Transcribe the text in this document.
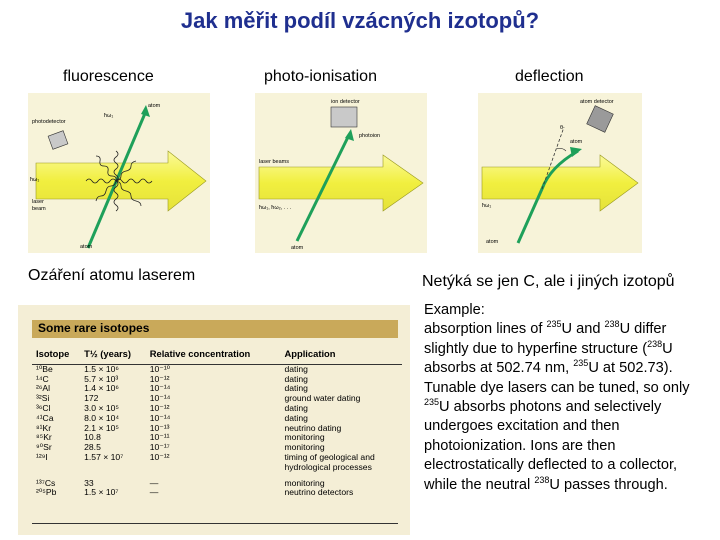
Jak měřit podíl vzácných izotopů?
fluorescence	photo-ionisation	deflection
photodetector
atom
ħω₁
ħω₁
laser
beam
atom
ion detector
photoion
laser beams
ħω₁, ħω₂, . . .
atom
atom detector
θ
atom
ħω₁
atom
Ozáření atomu laserem	Netýká se jen C, ale i jiných izotopů
Some rare isotopes
Isotope	T½ (years)	Relative concentration	Application
¹⁰Be	1.5 × 10⁶	10⁻¹⁰	dating
¹⁴C	5.7 × 10³	10⁻¹²	dating
²⁶Al	1.4 × 10⁶	10⁻¹⁴	dating
³²Si	172	10⁻¹⁴	ground water dating
³⁶Cl	3.0 × 10⁵	10⁻¹²	dating
⁴¹Ca	8.0 × 10⁴	10⁻¹⁴	dating
⁸¹Kr	2.1 × 10⁵	10⁻¹³	neutrino dating
⁸⁵Kr	10.8	10⁻¹¹	monitoring
⁹⁰Sr	28.5	10⁻¹⁷	monitoring
¹²⁹I	1.57 × 10⁷	10⁻¹²	timing of geological and
			hydrological processes
¹³⁷Cs	33	—	monitoring
²⁰⁵Pb	1.5 × 10⁷	—	neutrino detectors
Example:
absorption lines of $^{235}$U and $^{238}$U differ slightly due to hyperfine structure ($^{238}$U absorbs at 502.74 nm, $^{235}$U at 502.73). Tunable dye lasers can be tuned, so only $^{235}$U absorbs photons and selectively undergoes excitation and then photoionization. Ions are then electrostatically deflected to a collector, while the neutral $^{238}$U passes through.
